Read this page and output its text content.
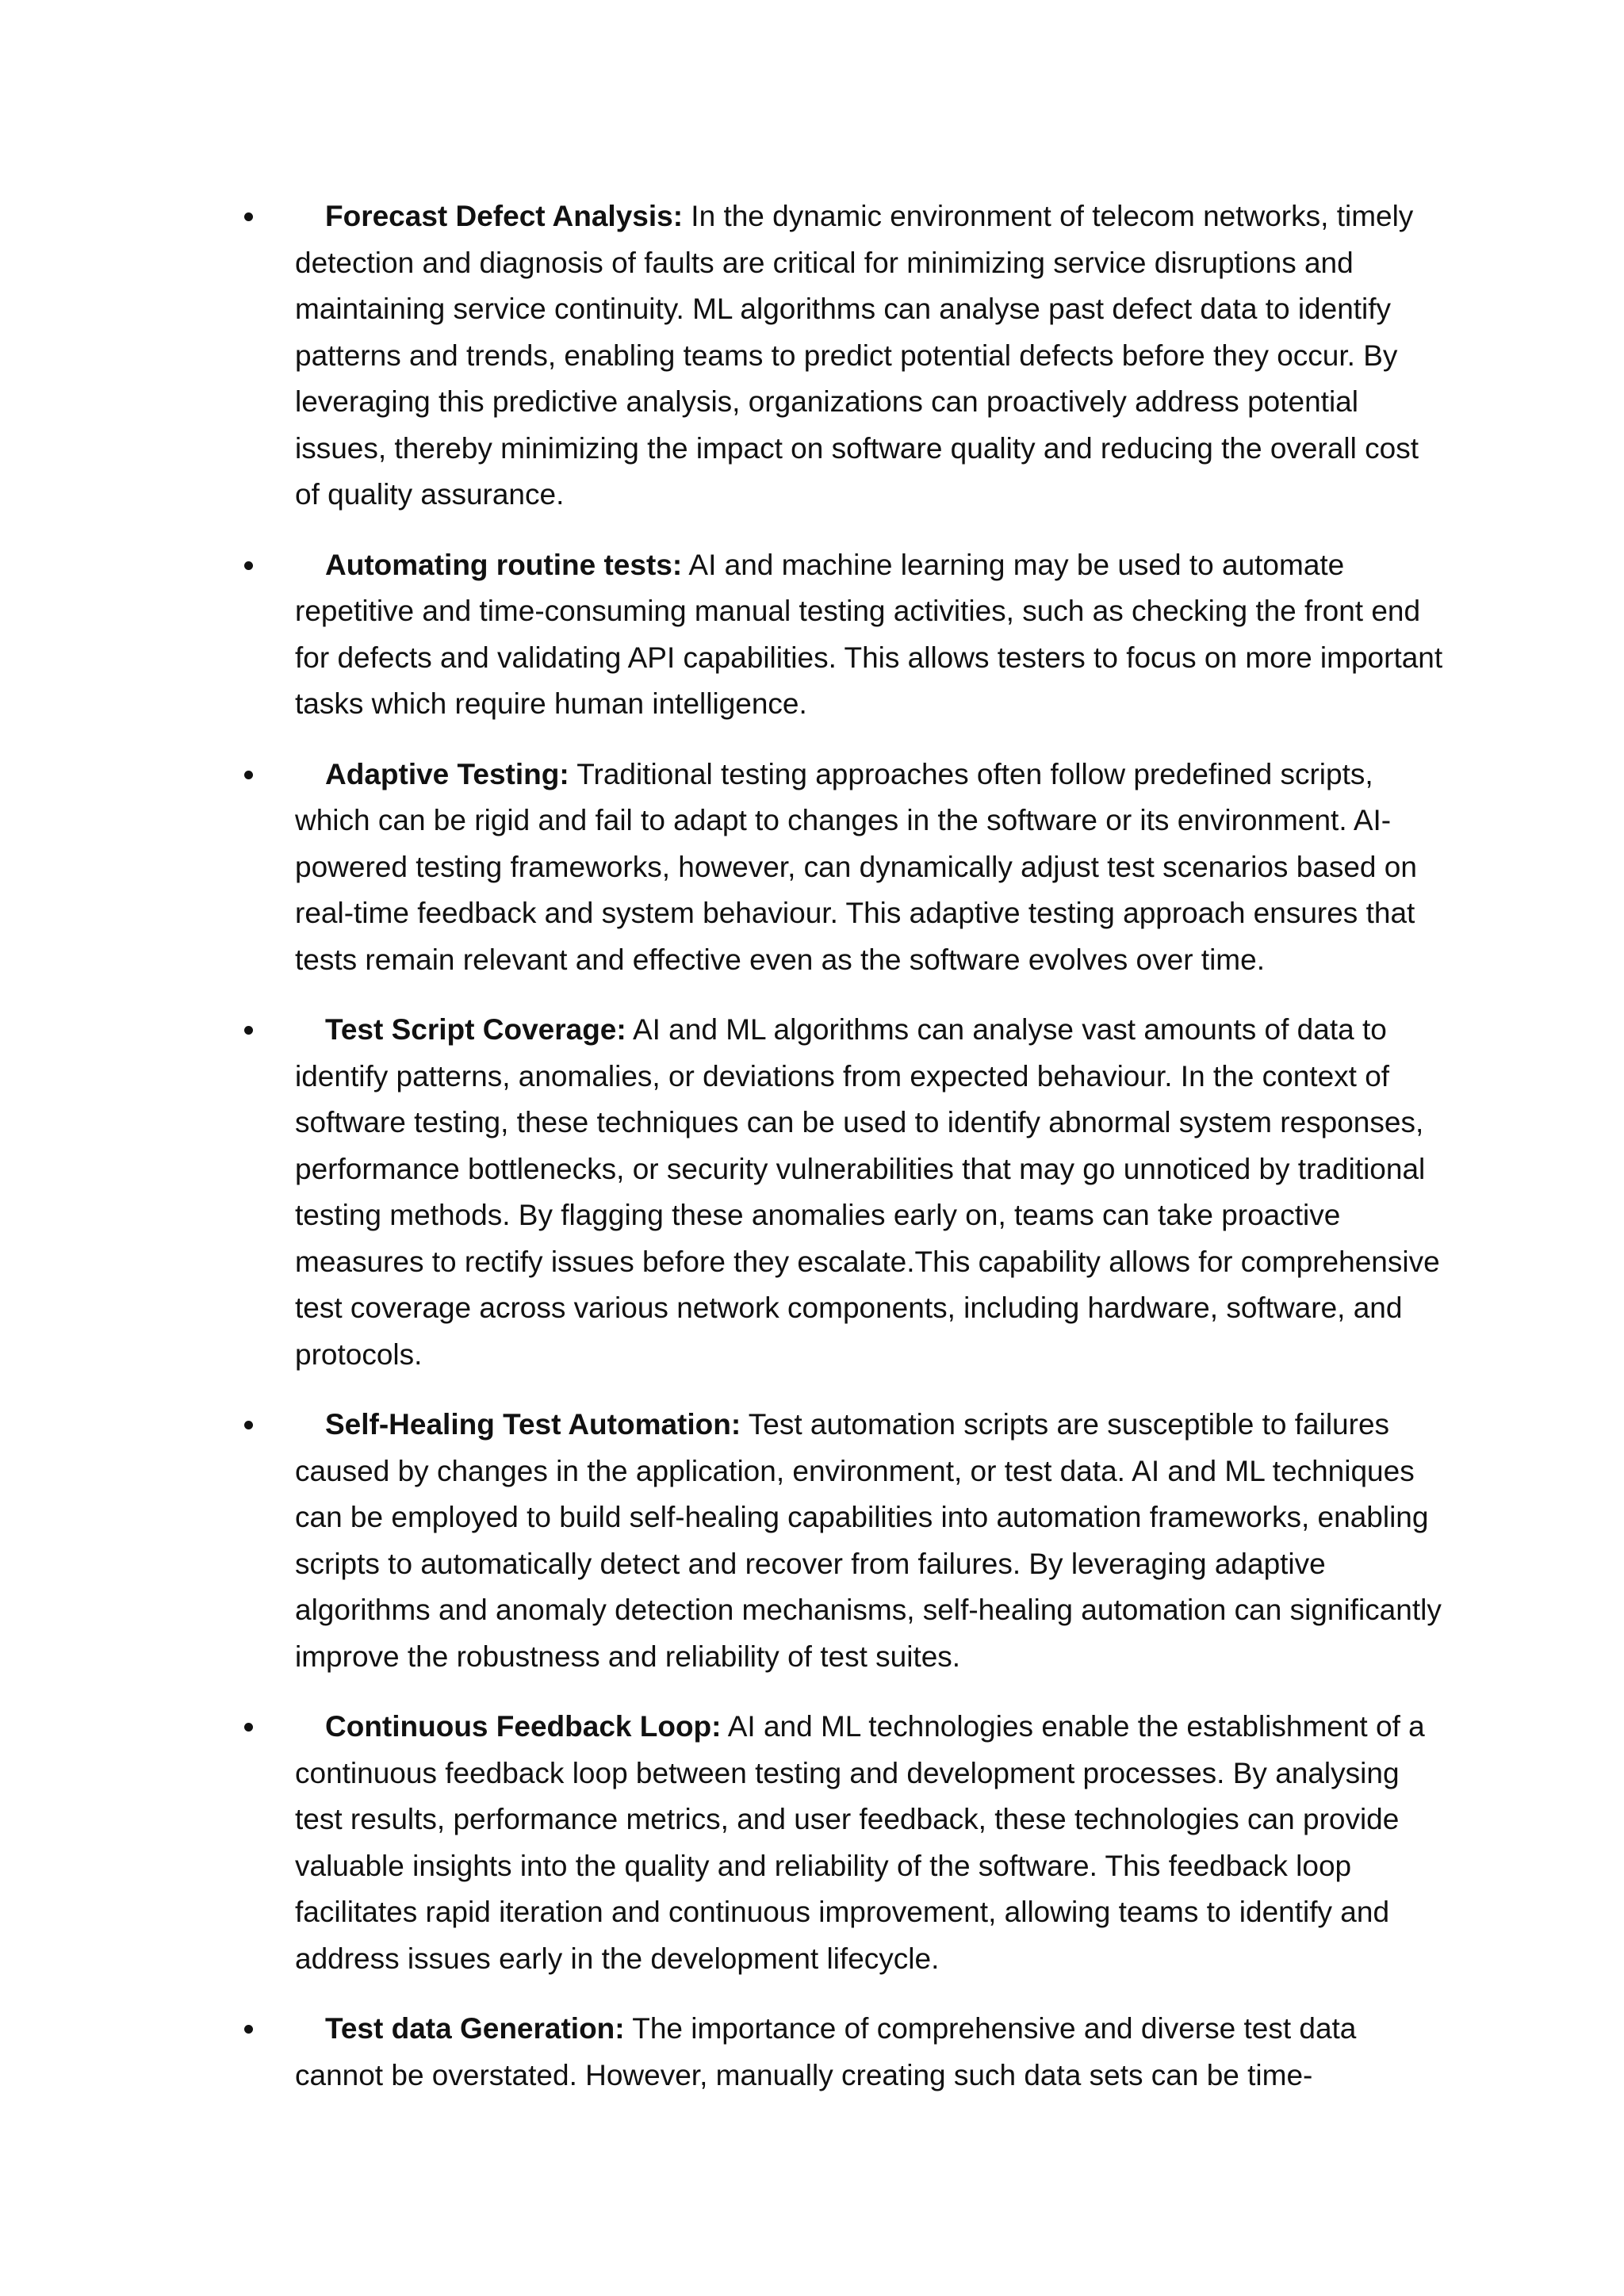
Forecast Defect Analysis: In the dynamic environment of telecom networks, timely detection and diagnosis of faults are critical for minimizing service disruptions and maintaining service continuity. ML algorithms can analyse past defect data to identify patterns and trends, enabling teams to predict potential defects before they occur. By leveraging this predictive analysis, organizations can proactively address potential issues, thereby minimizing the impact on software quality and reducing the overall cost of quality assurance.
Automating routine tests: AI and machine learning may be used to automate repetitive and time-consuming manual testing activities, such as checking the front end for defects and validating API capabilities. This allows testers to focus on more important tasks which require human intelligence.
Adaptive Testing: Traditional testing approaches often follow predefined scripts, which can be rigid and fail to adapt to changes in the software or its environment. AI-powered testing frameworks, however, can dynamically adjust test scenarios based on real-time feedback and system behaviour. This adaptive testing approach ensures that tests remain relevant and effective even as the software evolves over time.
Test Script Coverage: AI and ML algorithms can analyse vast amounts of data to identify patterns, anomalies, or deviations from expected behaviour. In the context of software testing, these techniques can be used to identify abnormal system responses, performance bottlenecks, or security vulnerabilities that may go unnoticed by traditional testing methods. By flagging these anomalies early on, teams can take proactive measures to rectify issues before they escalate.This capability allows for comprehensive test coverage across various network components, including hardware, software, and protocols.
Self-Healing Test Automation: Test automation scripts are susceptible to failures caused by changes in the application, environment, or test data. AI and ML techniques can be employed to build self-healing capabilities into automation frameworks, enabling scripts to automatically detect and recover from failures. By leveraging adaptive algorithms and anomaly detection mechanisms, self-healing automation can significantly improve the robustness and reliability of test suites.
Continuous Feedback Loop: AI and ML technologies enable the establishment of a continuous feedback loop between testing and development processes. By analysing test results, performance metrics, and user feedback, these technologies can provide valuable insights into the quality and reliability of the software. This feedback loop facilitates rapid iteration and continuous improvement, allowing teams to identify and address issues early in the development lifecycle.
Test data Generation: The importance of comprehensive and diverse test data cannot be overstated. However, manually creating such data sets can be time-
